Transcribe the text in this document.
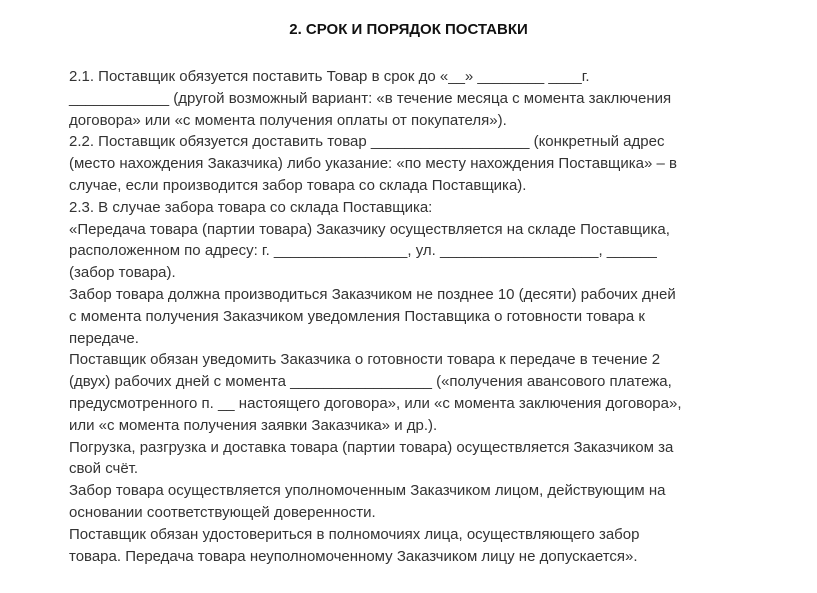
2. СРОК И ПОРЯДОК ПОСТАВКИ
2.1. Поставщик обязуется поставить Товар в срок до «__» ________ ____г.
____________ (другой возможный вариант: «в течение месяца с момента заключения
договора» или «с момента получения оплаты от покупателя»).
2.2. Поставщик обязуется доставить товар ___________________ (конкретный адрес
(место нахождения Заказчика) либо указание: «по месту нахождения Поставщика» – в
случае, если производится забор товара со склада Поставщика).
2.3. В случае забора товара со склада Поставщика:
«Передача товара (партии товара) Заказчику осуществляется на складе Поставщика,
расположенном по адресу: г. ________________, ул. ___________________, ______
(забор товара).
Забор товара должна производиться Заказчиком не позднее 10 (десяти) рабочих дней
с момента получения Заказчиком уведомления Поставщика о готовности товара к
передаче.
Поставщик обязан уведомить Заказчика о готовности товара к передаче в течение 2
(двух) рабочих дней с момента _________________ («получения авансового платежа,
предусмотренного п. __ настоящего договора», или «с момента заключения договора»,
или «с момента получения заявки Заказчика» и др.).
Погрузка, разгрузка и доставка товара (партии товара) осуществляется Заказчиком за
свой счёт.
Забор товара осуществляется уполномоченным Заказчиком лицом, действующим на
основании соответствующей доверенности.
Поставщик обязан удостовериться в полномочиях лица, осуществляющего забор
товара. Передача товара неуполномоченному Заказчиком лицу не допускается».
